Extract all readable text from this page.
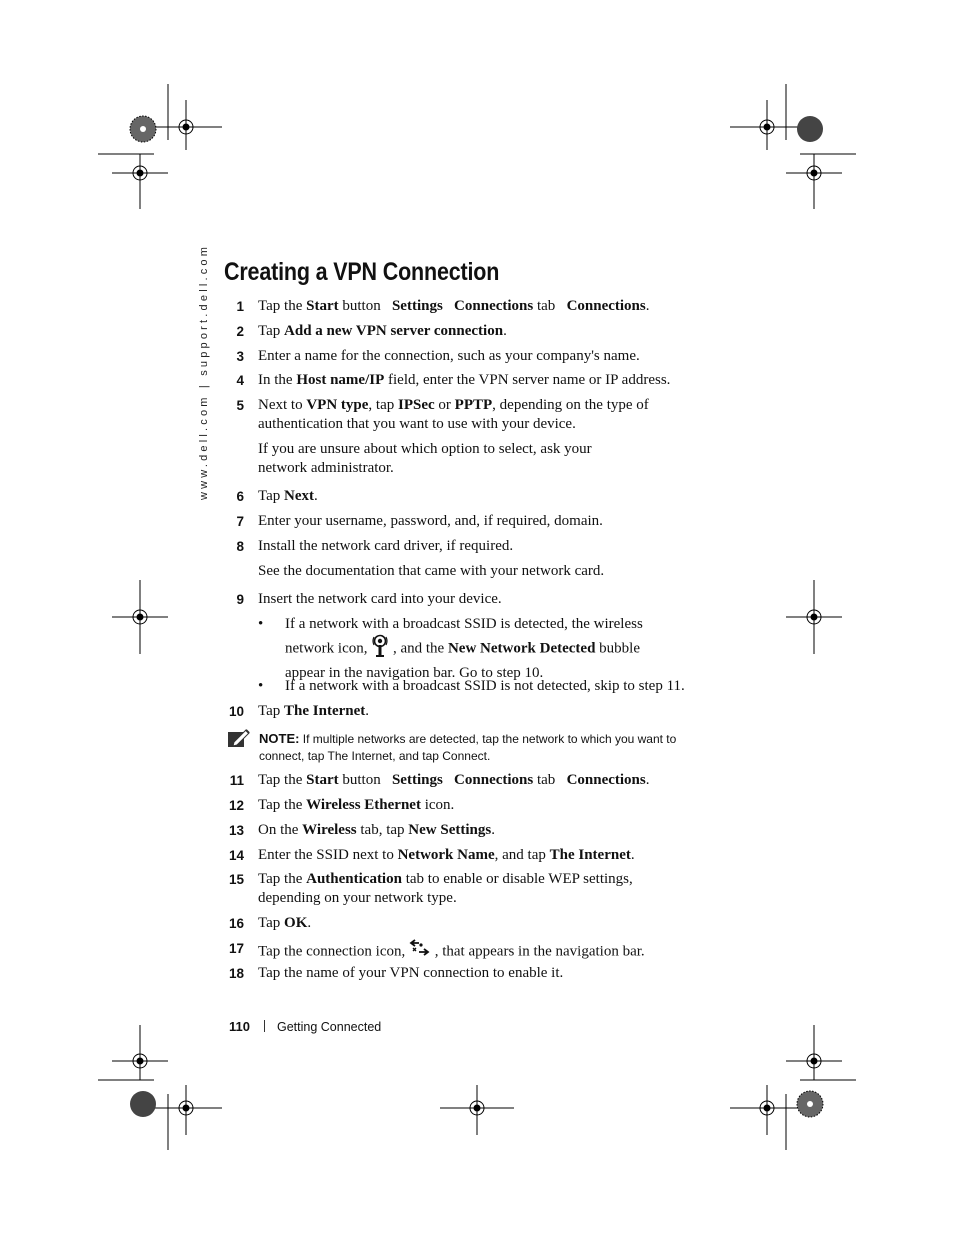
www.dell.com | support.dell.com Creating a VPN Connection
1 Tap the Start button   Settings Connections tab   Connections.
2 Tap Add a new VPN server connection.
3 Enter a name for the connection, such as your company's name.
4 In the Host name/IP field, enter the VPN server name or IP address.
5 Next to VPN type, tap IPSec or PPTP, depending on the type of authentication that you want to use with your device.
If you are unsure about which option to select, ask your network administrator.
6 Tap Next.
7 Enter your username, password, and, if required, domain.
8 Install the network card driver, if required.
See the documentation that came with your network card.
9 Insert the network card into your device.
• If a network with a broadcast SSID is detected, the wireless network icon,  , and the New Network Detected bubble appear in the navigation bar. Go to step 10.
• If a network with a broadcast SSID is not detected, skip to step 11.
10 Tap The Internet.
NOTE: If multiple networks are detected, tap the network to which you want to connect, tap The Internet, and tap Connect.
11 Tap the Start button   Settings Connections tab   Connections.
12 Tap the Wireless Ethernet icon.
13 On the Wireless tab, tap New Settings.
14 Enter the SSID next to Network Name, and tap The Internet.
15 Tap the Authentication tab to enable or disable WEP settings, depending on your network type.
16 Tap OK.
17 Tap the connection icon,  , that appears in the navigation bar.
18 Tap the name of your VPN connection to enable it.
110 Getting Connected
